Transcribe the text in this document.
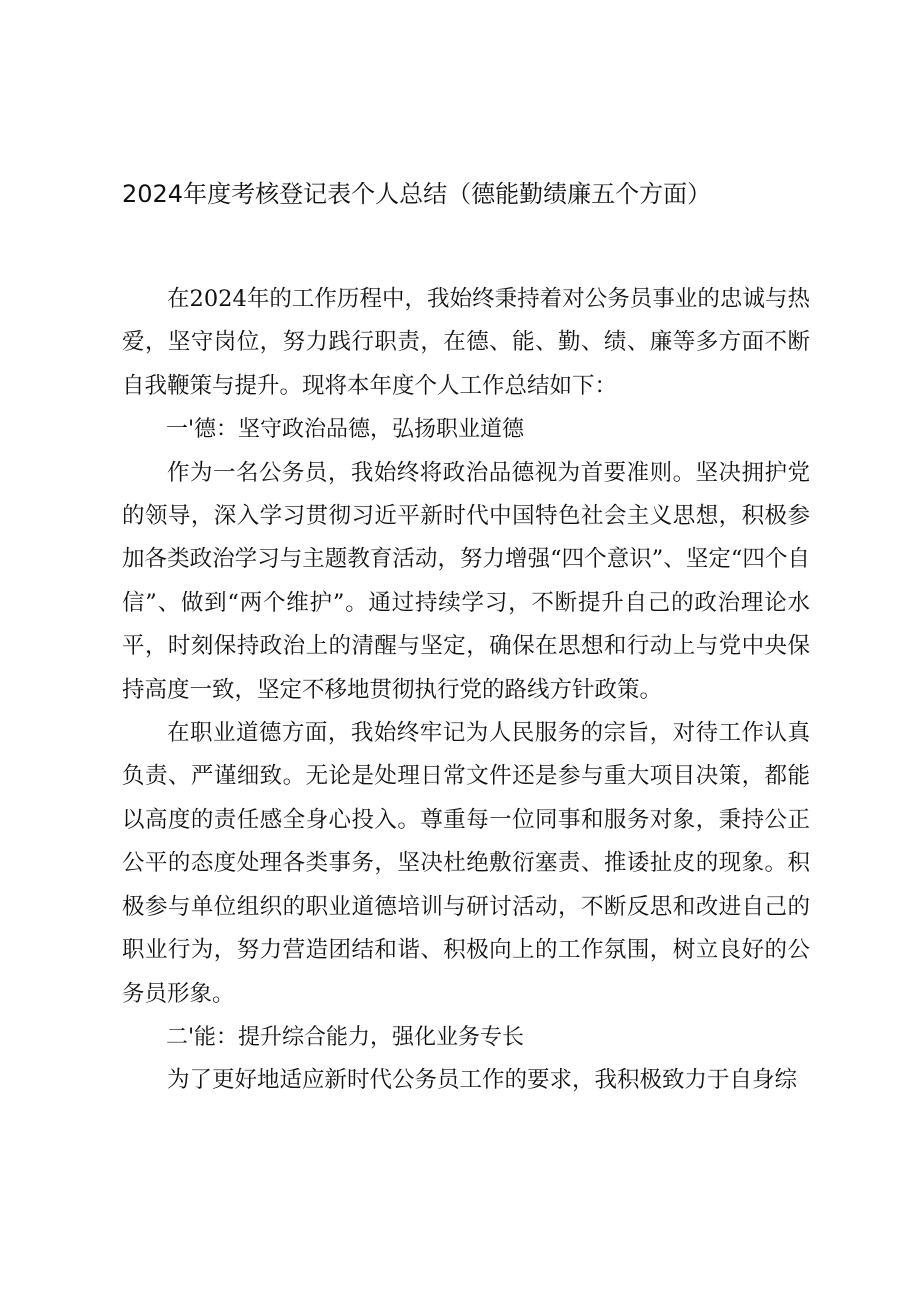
2024年度考核登记表个人总结（德能勤绩廉五个方面）

在2024年的工作历程中，我始终秉持着对公务员事业的忠诚与热爱，坚守岗位，努力践行职责，在德、能、勤、绩、廉等多方面不断自我鞭策与提升。现将本年度个人工作总结如下：

一'德：坚守政治品德，弘扬职业道德

作为一名公务员，我始终将政治品德视为首要准则。坚决拥护党的领导，深入学习贯彻习近平新时代中国特色社会主义思想，积极参加各类政治学习与主题教育活动，努力增强“四个意识”、坚定“四个自信”、做到“两个维护”。通过持续学习，不断提升自己的政治理论水平，时刻保持政治上的清醒与坚定，确保在思想和行动上与党中央保持高度一致，坚定不移地贯彻执行党的路线方针政策。

在职业道德方面，我始终牢记为人民服务的宗旨，对待工作认真负责、严谨细致。无论是处理日常文件还是参与重大项目决策，都能以高度的责任感全身心投入。尊重每一位同事和服务对象，秉持公正公平的态度处理各类事务，坚决杜绝敷衍塞责、推诿扯皮的现象。积极参与单位组织的职业道德培训与研讨活动，不断反思和改进自己的职业行为，努力营造团结和谐、积极向上的工作氛围，树立良好的公务员形象。

二'能：提升综合能力，强化业务专长

为了更好地适应新时代公务员工作的要求，我积极致力于自身综
